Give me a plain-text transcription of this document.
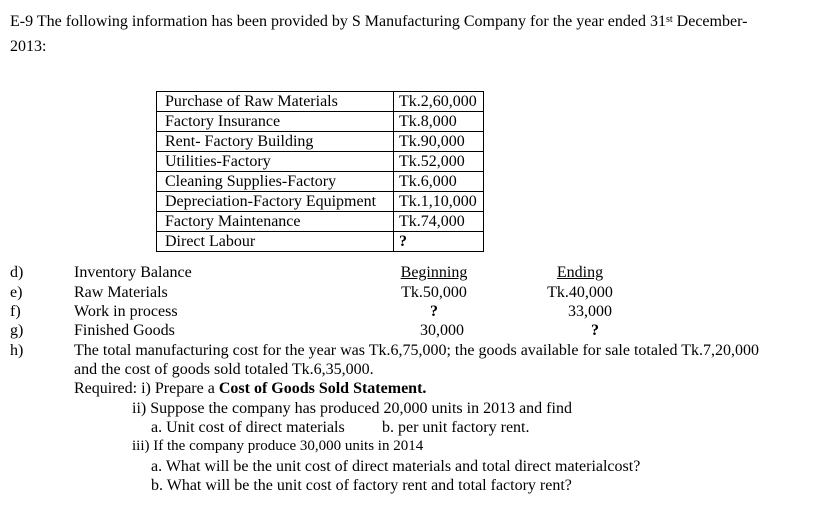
E-9 The following information has been provided by S Manufacturing Company for the year ended 31st December-
2013:
Purchase of Raw Materials	Tk.2,60,000
Factory Insurance	Tk.8,000
Rent- Factory Building	Tk.90,000
Utilities-Factory	Tk.52,000
Cleaning Supplies-Factory	Tk.6,000
Depreciation-Factory Equipment	Tk.1,10,000
Factory Maintenance	Tk.74,000
Direct Labour	?
d)	Inventory Balance	Beginning	Ending
e)	Raw Materials	Tk.50,000	Tk.40,000
f)	Work in process	?	33,000
g)	Finished Goods	30,000	?
h)	The total manufacturing cost for the year was Tk.6,75,000; the goods available for sale totaled Tk.7,20,000
and the cost of goods sold totaled Tk.6,35,000.
Required: i) Prepare a Cost of Goods Sold Statement.
ii) Suppose the company has produced 20,000 units in 2013 and find
a. Unit cost of direct materials b. per unit factory rent.
iii) If the company produce 30,000 units in 2014
a. What will be the unit cost of direct materials and total direct materialcost?
b. What will be the unit cost of factory rent and total factory rent?
